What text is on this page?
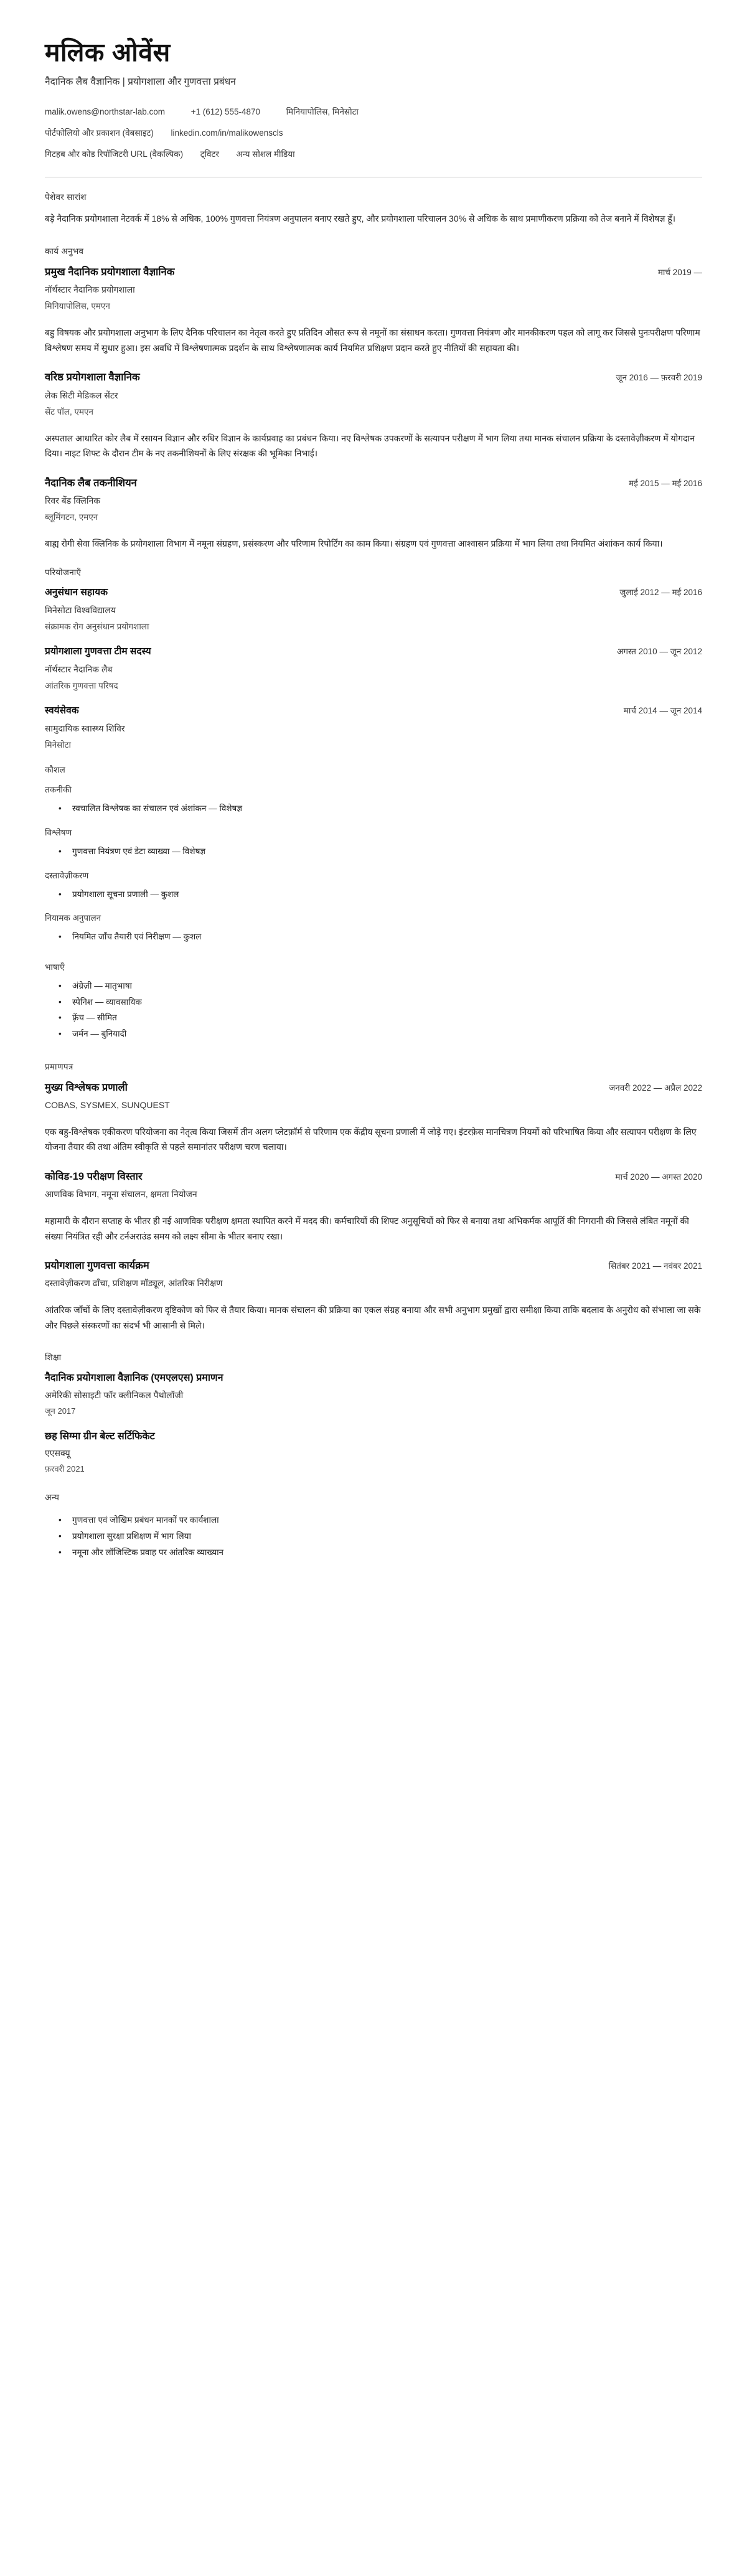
मलिक ओवेंस
नैदानिक लैब वैज्ञानिक | प्रयोगशाला और गुणवत्ता प्रबंधन
malik.owens@northstar-lab.com	+1 (612) 555-4870	मिनियापोलिस, मिनेसोटा
पोर्टफोलियो और प्रकाशन (वेबसाइट) linkedin.com/in/malikowenscls
गिटहब और कोड रिपॉजिटरी URL (वैकल्पिक) ट्विटर अन्य सोशल मीडिया
पेशेवर सारांश

बड़े नैदानिक प्रयोगशाला नेटवर्क में 18% से अधिक, 100% गुणवत्ता नियंत्रण अनुपालन बनाए रखते हुए, और प्रयोगशाला परिचालन 30% से अधिक के साथ प्रमाणीकरण प्रक्रिया को तेज बनाने में विशेषज्ञ हूँ।

कार्य अनुभव
प्रमुख नैदानिक प्रयोगशाला वैज्ञानिक	मार्च 2019 —
नॉर्थस्टार नैदानिक प्रयोगशाला
मिनियापोलिस, एमएन
बहु विषयक और प्रयोगशाला अनुभाग के लिए दैनिक परिचालन का नेतृत्व करते हुए प्रतिदिन औसत रूप से नमूनों का संसाधन करता। गुणवत्ता नियंत्रण और मानकीकरण पहल को लागू कर जिससे पुनःपरीक्षण परिणाम विश्लेषण समय में सुधार हुआ। इस अवधि में विश्लेषणात्मक प्रदर्शन के साथ विश्लेषणात्मक कार्य नियमित प्रशिक्षण प्रदान करते हुए नीतियों की सहायता की।
वरिष्ठ प्रयोगशाला वैज्ञानिक	जून 2016 — फ़रवरी 2019
लेक सिटी मेडिकल सेंटर
सेंट पॉल, एमएन
अस्पताल आधारित कोर लैब में रसायन विज्ञान और रुधिर विज्ञान के कार्यप्रवाह का प्रबंधन किया। नए विश्लेषक उपकरणों के सत्यापन परीक्षण में भाग लिया तथा मानक संचालन प्रक्रिया के दस्तावेज़ीकरण में योगदान दिया। नाइट शिफ्ट के दौरान टीम के नए तकनीशियनों के लिए संरक्षक की भूमिका निभाई।
नैदानिक लैब तकनीशियन	मई 2015 — मई 2016
रिवर बेंड क्लिनिक
ब्लूमिंगटन, एमएन
बाह्य रोगी सेवा क्लिनिक के प्रयोगशाला विभाग में नमूना संग्रहण, प्रसंस्करण और परिणाम रिपोर्टिंग का काम किया। संग्रहण एवं गुणवत्ता आश्वासन प्रक्रिया में भाग लिया तथा नियमित अंशांकन कार्य किया।
परियोजनाएँ
अनुसंधान सहायक	जुलाई 2012 — मई 2016
मिनेसोटा विश्वविद्यालय
संक्रामक रोग अनुसंधान प्रयोगशाला
प्रयोगशाला गुणवत्ता टीम सदस्य	अगस्त 2010 — जून 2012
नॉर्थस्टार नैदानिक लैब
आंतरिक गुणवत्ता परिषद
स्वयंसेवक	मार्च 2014 — जून 2014
सामुदायिक स्वास्थ्य शिविर
मिनेसोटा
कौशल
तकनीकी
• स्वचालित विश्लेषक का संचालन एवं अंशांकन — विशेषज्ञ
विश्लेषण
• गुणवत्ता नियंत्रण एवं डेटा व्याख्या — विशेषज्ञ
दस्तावेज़ीकरण
• प्रयोगशाला सूचना प्रणाली — कुशल
नियामक अनुपालन
• नियमित जाँच तैयारी एवं निरीक्षण — कुशल
भाषाएँ
• अंग्रेज़ी — मातृभाषा
• स्पेनिश — व्यावसायिक
• फ़्रेंच — सीमित
• जर्मन — बुनियादी
प्रमाणपत्र
मुख्य विश्लेषक प्रणाली	जनवरी 2022 — अप्रैल 2022
COBAS, SYSMEX, SUNQUEST
एक बहु-विश्लेषक एकीकरण परियोजना का नेतृत्व किया जिसमें तीन अलग प्लेटफ़ॉर्म से परिणाम एक केंद्रीय सूचना प्रणाली में जोड़े गए। इंटरफ़ेस मानचित्रण नियमों को परिभाषित किया और सत्यापन परीक्षण के लिए योजना तैयार की तथा अंतिम स्वीकृति से पहले समानांतर परीक्षण चरण चलाया।
कोविड-19 परीक्षण विस्तार	मार्च 2020 — अगस्त 2020
आणविक विभाग, नमूना संचालन, क्षमता नियोजन
महामारी के दौरान सप्ताह के भीतर ही नई आणविक परीक्षण क्षमता स्थापित करने में मदद की। कर्मचारियों की शिफ्ट अनुसूचियों को फिर से बनाया तथा अभिकर्मक आपूर्ति की निगरानी की जिससे लंबित नमूनों की संख्या नियंत्रित रही और टर्नअराउंड समय को लक्ष्य सीमा के भीतर बनाए रखा।
प्रयोगशाला गुणवत्ता कार्यक्रम	सितंबर 2021 — नवंबर 2021
दस्तावेज़ीकरण ढाँचा, प्रशिक्षण मॉड्यूल, आंतरिक निरीक्षण
आंतरिक जाँचों के लिए दस्तावेज़ीकरण दृष्टिकोण को फिर से तैयार किया। मानक संचालन की प्रक्रिया का एकल संग्रह बनाया और सभी अनुभाग प्रमुखों द्वारा समीक्षा किया ताकि बदलाव के अनुरोध को संभाला जा सके और पिछले संस्करणों का संदर्भ भी आसानी से मिले।
शिक्षा
नैदानिक प्रयोगशाला वैज्ञानिक (एमएलएस) प्रमाणन
अमेरिकी सोसाइटी फॉर क्लीनिकल पैथोलॉजी
जून 2017
छह सिग्मा ग्रीन बेल्ट सर्टिफिकेट
एएसक्यू
फ़रवरी 2021
अन्य
• गुणवत्ता एवं जोखिम प्रबंधन मानकों पर कार्यशाला
• प्रयोगशाला सुरक्षा प्रशिक्षण में भाग लिया
• नमूना और लॉजिस्टिक प्रवाह पर आंतरिक व्याख्यान
